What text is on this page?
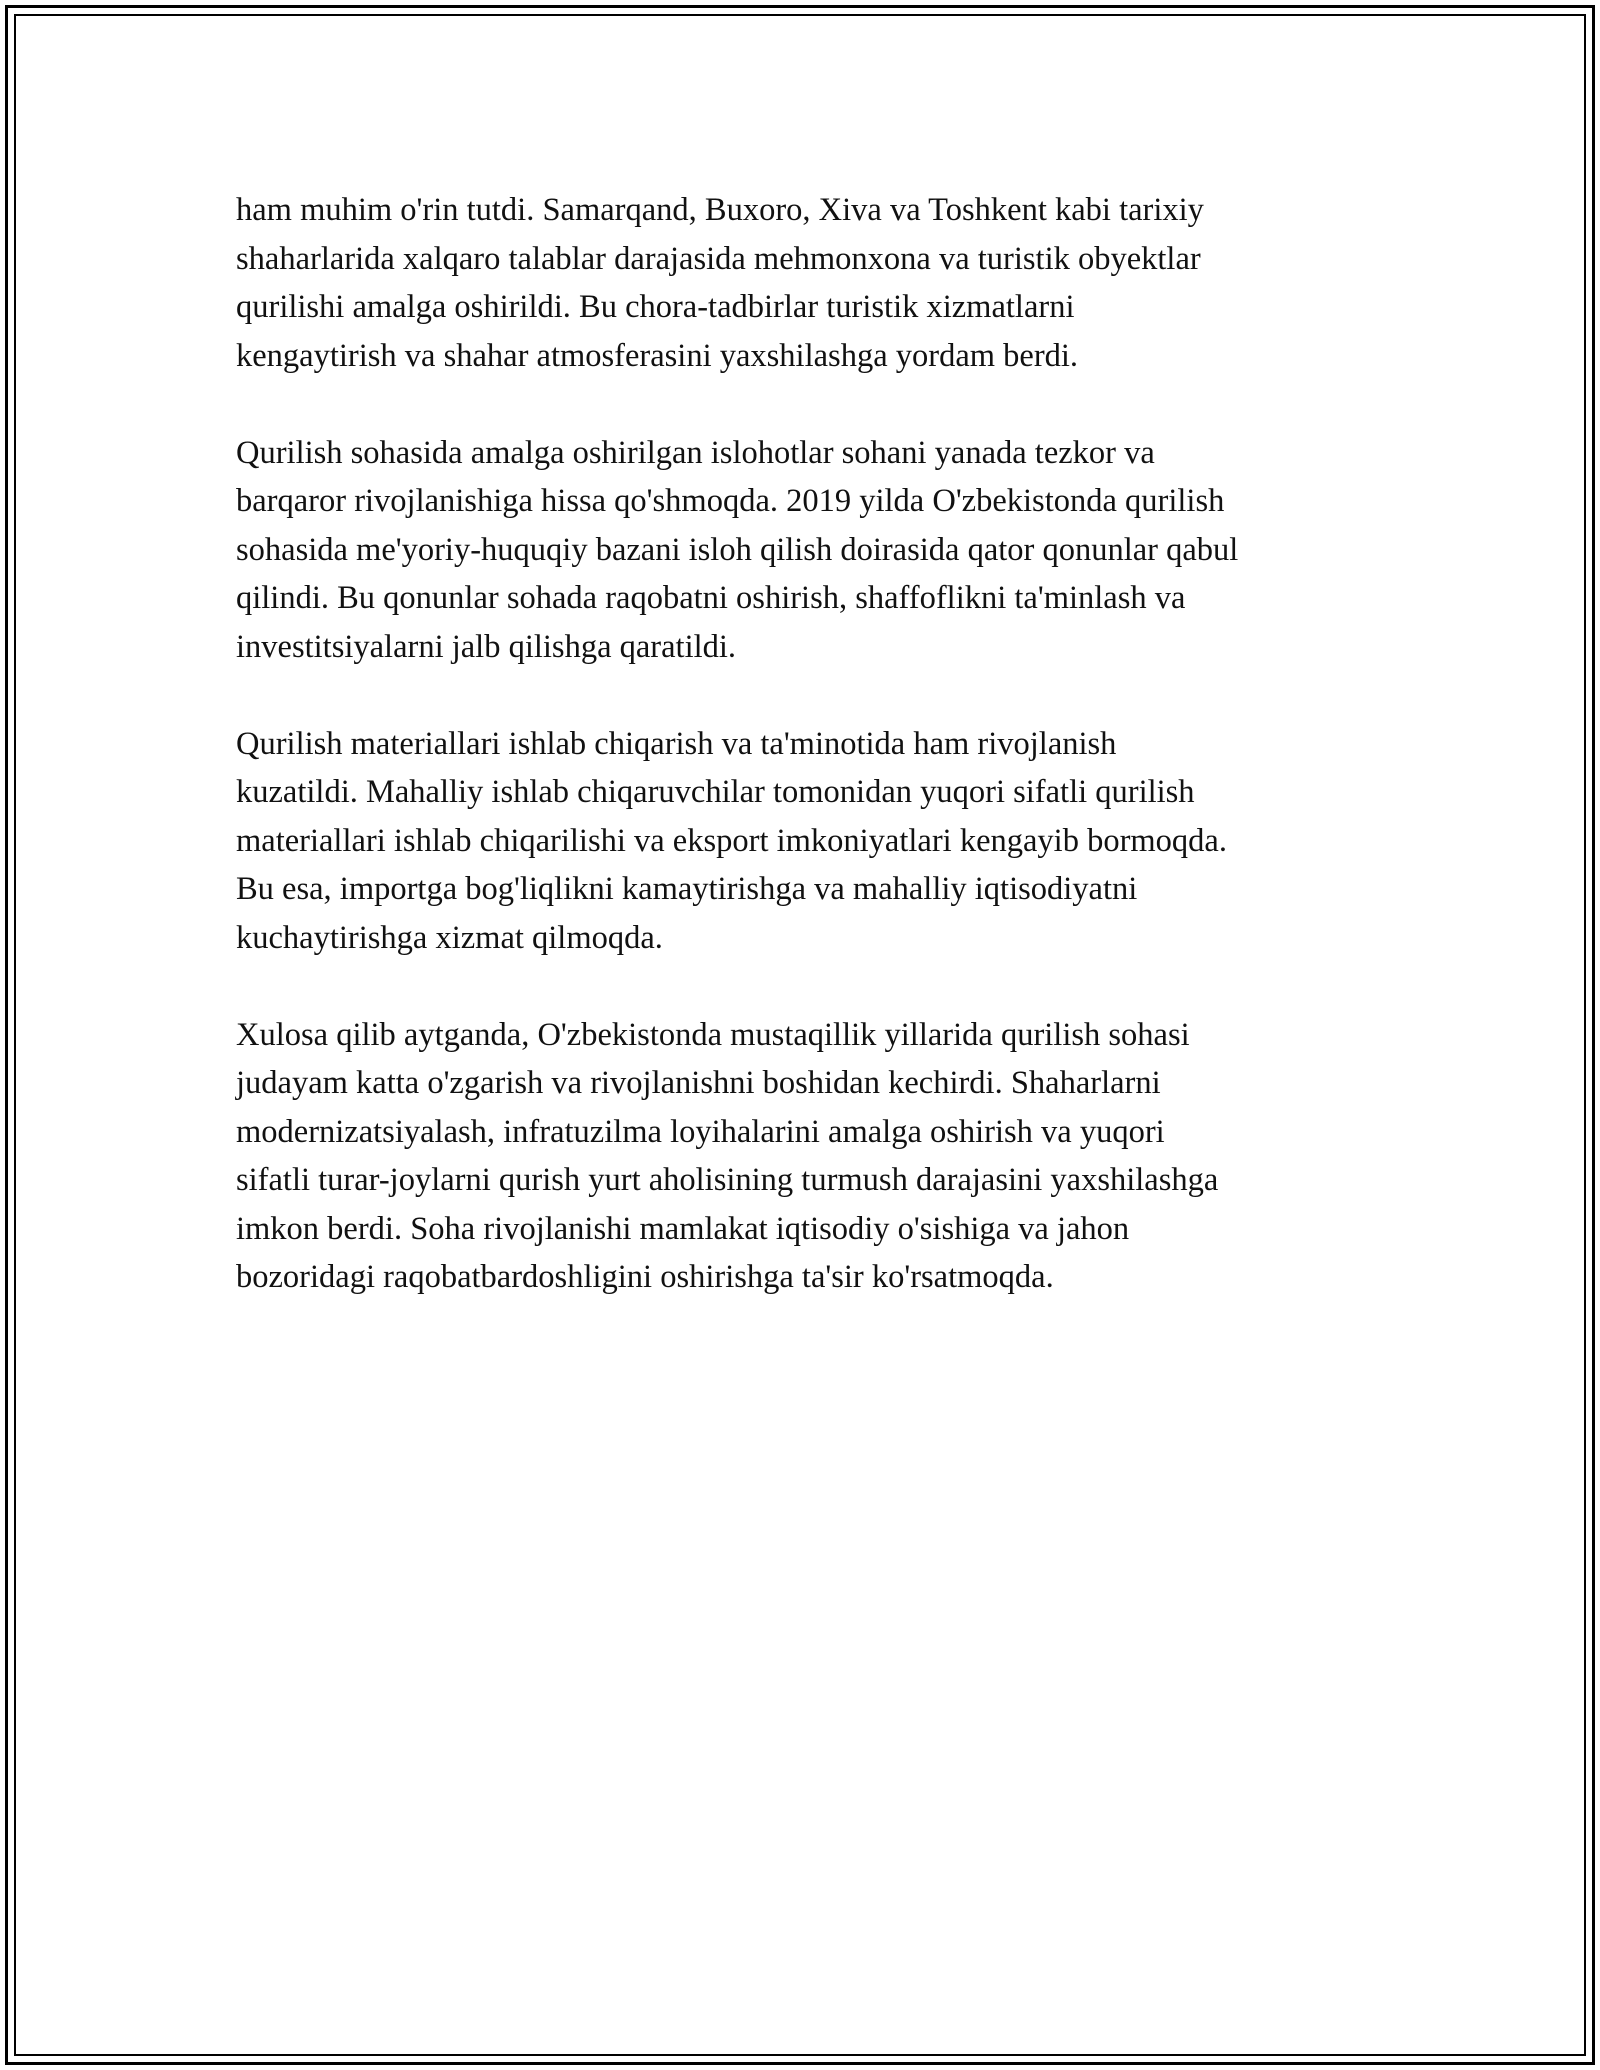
ham muhim o'rin tutdi. Samarqand, Buxoro, Xiva va Toshkent kabi tarixiy
shaharlarida xalqaro talablar darajasida mehmonxona va turistik obyektlar
qurilishi amalga oshirildi. Bu chora-tadbirlar turistik xizmatlarni
kengaytirish va shahar atmosferasini yaxshilashga yordam berdi.

Qurilish sohasida amalga oshirilgan islohotlar sohani yanada tezkor va
barqaror rivojlanishiga hissa qo'shmoqda. 2019 yilda O'zbekistonda qurilish
sohasida me'yoriy-huquqiy bazani isloh qilish doirasida qator qonunlar qabul
qilindi. Bu qonunlar sohada raqobatni oshirish, shaffoflikni ta'minlash va
investitsiyalarni jalb qilishga qaratildi.

Qurilish materiallari ishlab chiqarish va ta'minotida ham rivojlanish
kuzatildi. Mahalliy ishlab chiqaruvchilar tomonidan yuqori sifatli qurilish
materiallari ishlab chiqarilishi va eksport imkoniyatlari kengayib bormoqda.
Bu esa, importga bog'liqlikni kamaytirishga va mahalliy iqtisodiyatni
kuchaytirishga xizmat qilmoqda.

Xulosa qilib aytganda, O'zbekistonda mustaqillik yillarida qurilish sohasi
judayam katta o'zgarish va rivojlanishni boshidan kechirdi. Shaharlarni
modernizatsiyalash, infratuzilma loyihalarini amalga oshirish va yuqori
sifatli turar-joylarni qurish yurt aholisining turmush darajasini yaxshilashga
imkon berdi. Soha rivojlanishi mamlakat iqtisodiy o'sishiga va jahon
bozoridagi raqobatbardoshligini oshirishga ta'sir ko'rsatmoqda.
